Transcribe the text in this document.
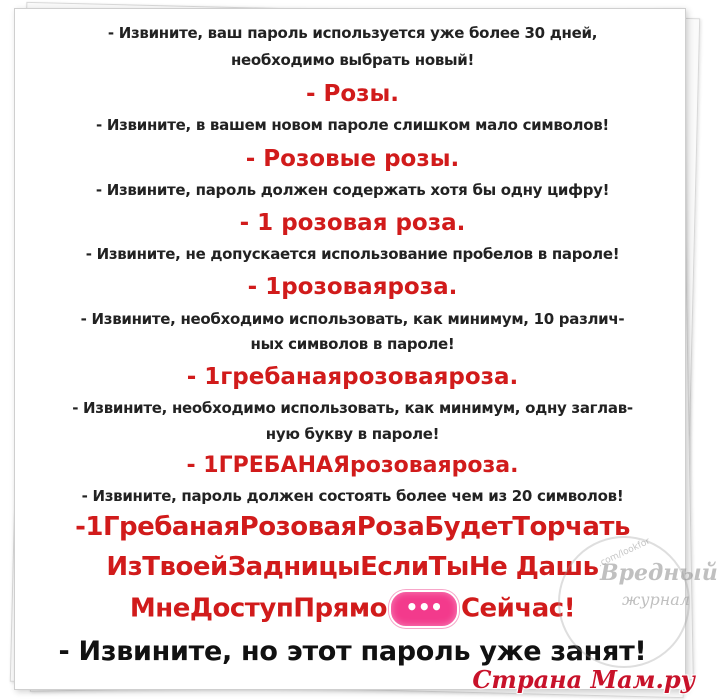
- Извините, ваш пароль используется уже более 30 дней,
необходимо выбрать новый!
- Розы.
- Извините, в вашем новом пароле слишком мало символов!
- Розовые розы.
- Извините, пароль должен содержать хотя бы одну цифру!
- 1 розовая роза.
- Извините, не допускается использование пробелов в пароле!
- 1розоваяроза.
- Извините, необходимо использовать, как минимум, 10 различ-
ных символов в пароле!
- 1гребанаярозоваяроза.
- Извините, необходимо использовать, как минимум, одну заглав-
ную букву в пароле!
- 1ГРЕБАНАЯрозоваяроза.
- Извините, пароль должен состоять более чем из 20 символов!
-1ГребанаяРозоваяРозаБудетТорчать
ИзТвоейЗадницыЕслиТыНе Дашь
МнеДоступПрямо ••• Сейчас!
- Извините, но этот пароль уже занят!
.com/lookfor
Вредный
журнал
Страна Мам.ру
